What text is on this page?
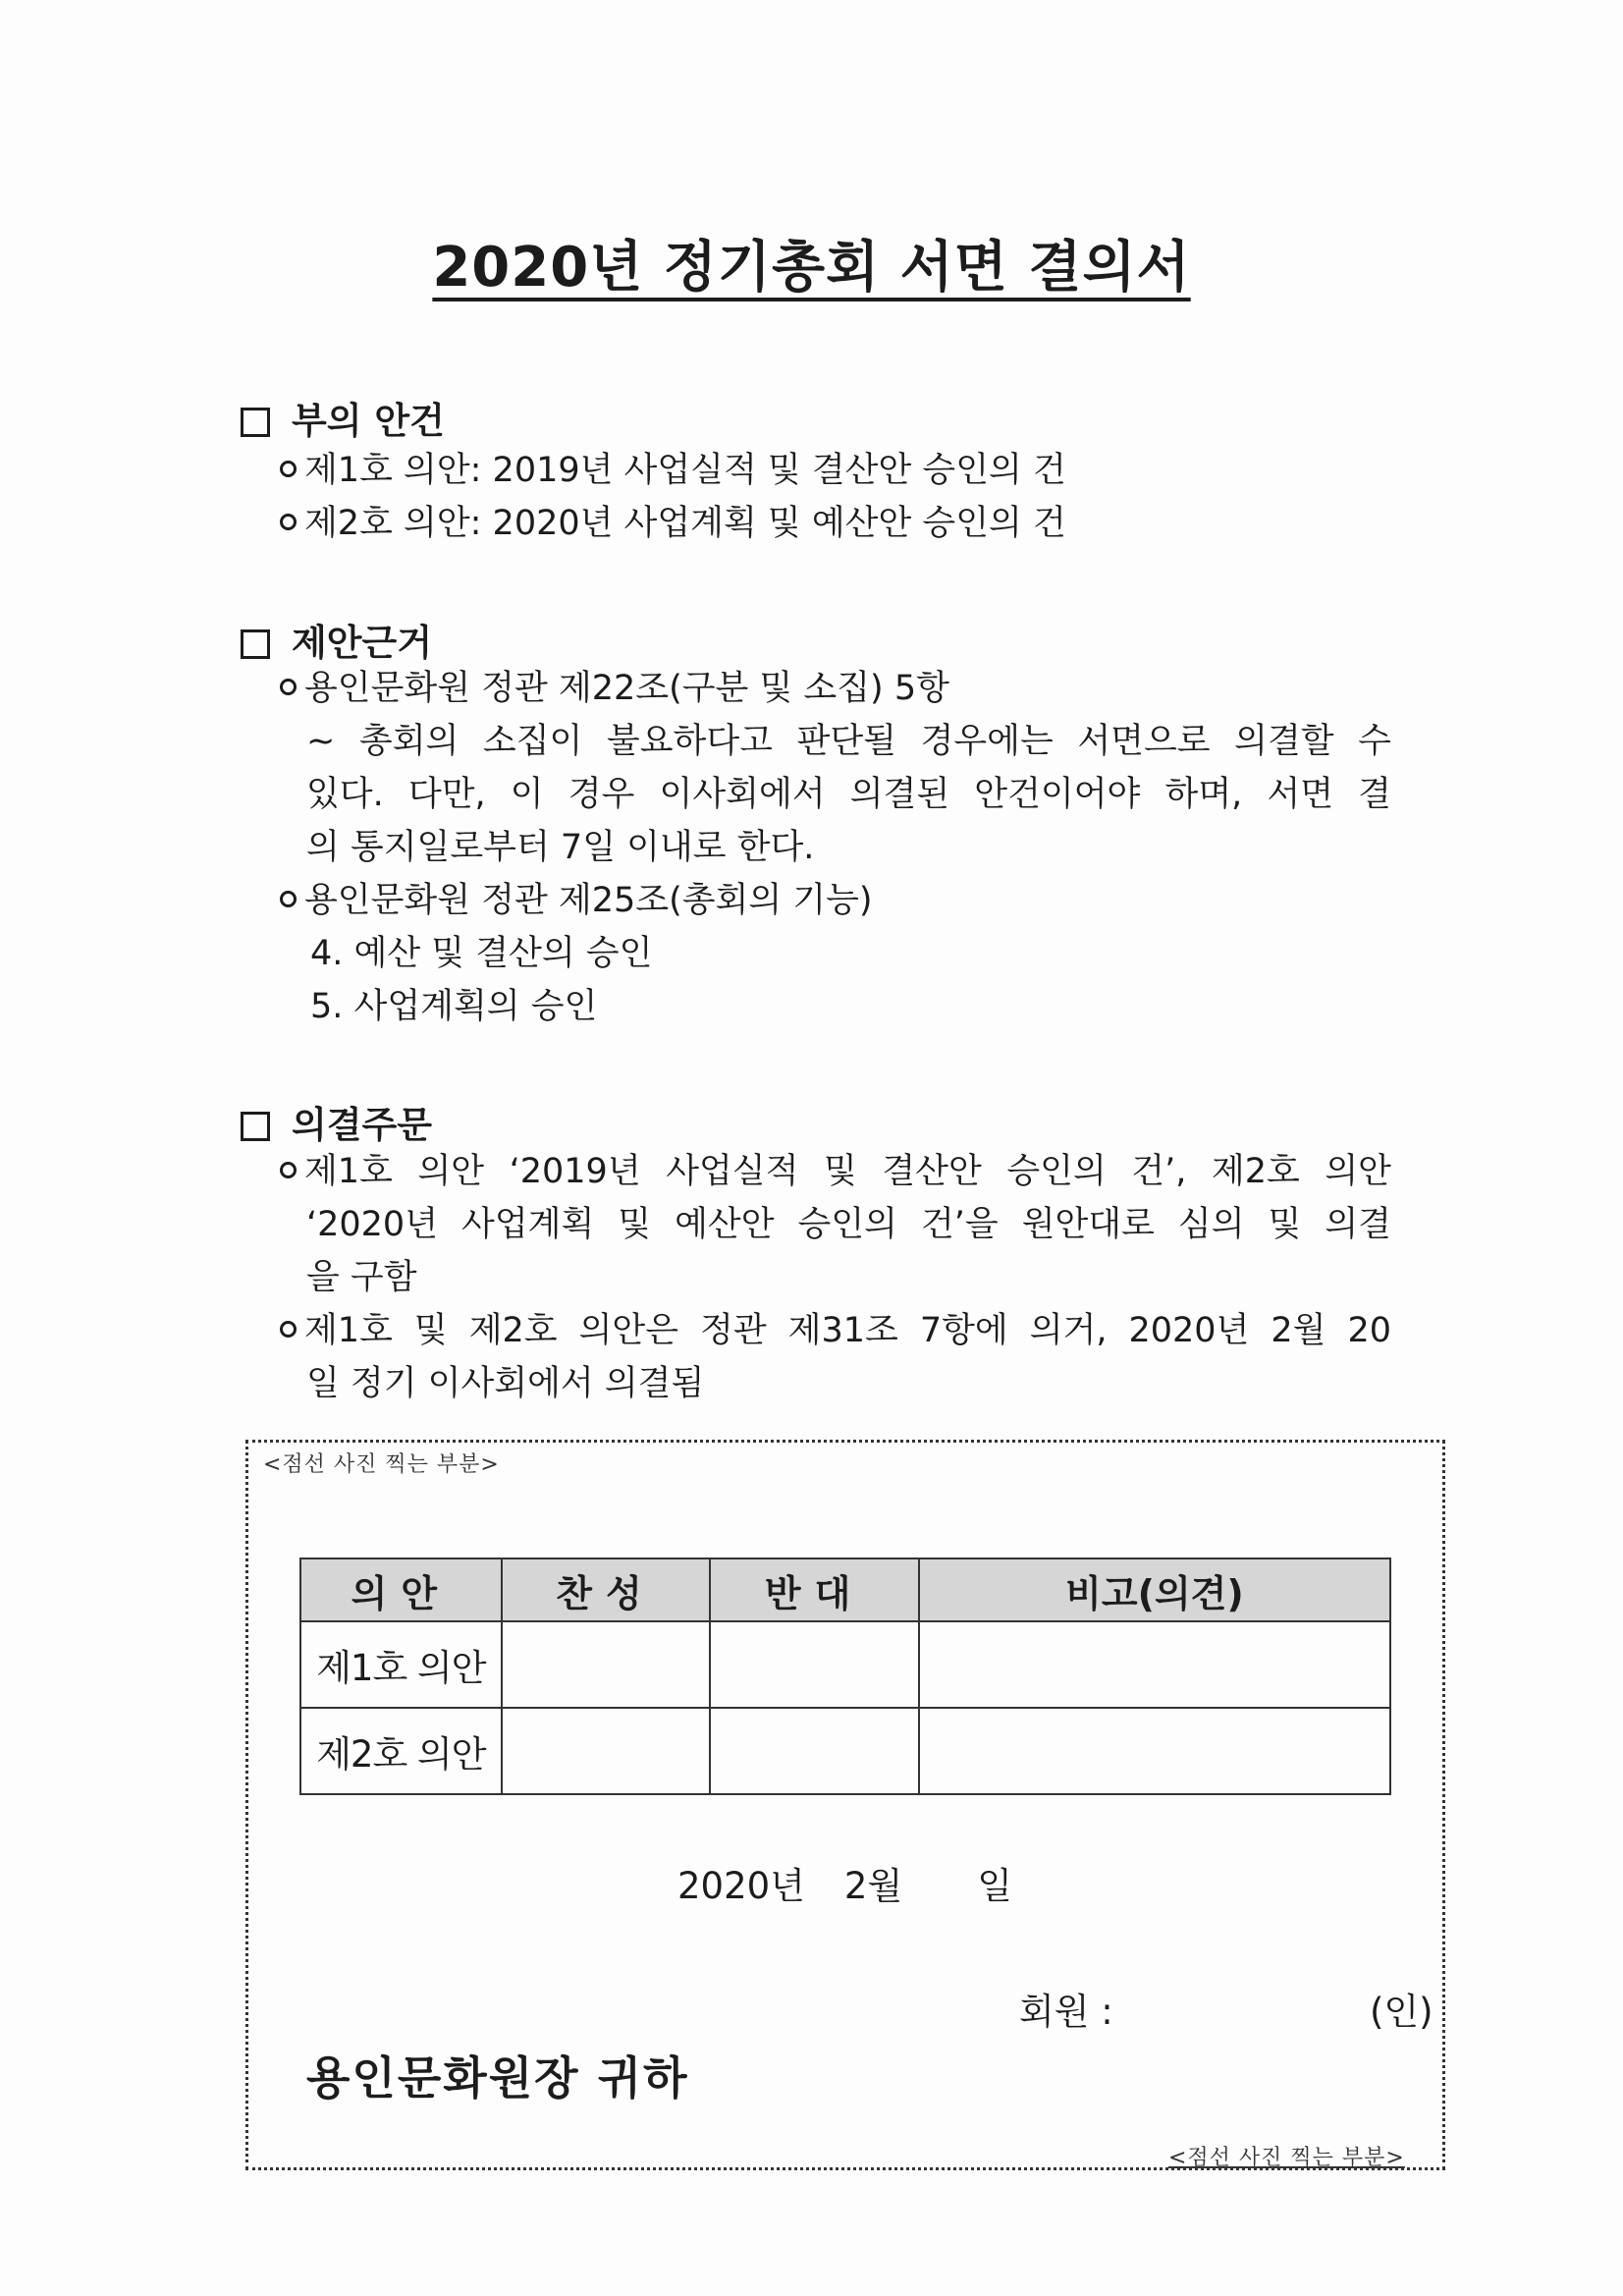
2020년 정기총회 서면 결의서
부의 안건
제1호 의안: 2019년 사업실적 및 결산안 승인의 건
제2호 의안: 2020년 사업계획 및 예산안 승인의 건
제안근거
용인문화원 정관 제22조(구분 및 소집) 5항
~ 총회의 소집이 불요하다고 판단될 경우에는 서면으로 의결할 수
있다. 다만, 이 경우 이사회에서 의결된 안건이어야 하며, 서면 결
의 통지일로부터 7일 이내로 한다.
용인문화원 정관 제25조(총회의 기능)
4. 예산 및 결산의 승인
5. 사업계획의 승인
의결주문
제1호 의안 ‘2019년 사업실적 및 결산안 승인의 건’, 제2호 의안
‘2020년 사업계획 및 예산안 승인의 건’을 원안대로 심의 및 의결
을 구함
제1호 및 제2호 의안은 정관 제31조 7항에 의거, 2020년 2월 20
일 정기 이사회에서 의결됨
<점선 사진 찍는 부분>
<점선 사진 찍는 부분>
의안	찬성	반대	비고(의견)
제1호 의안			
제2호 의안			
2020년 2월 일
회원 :	(인)
용인문화원장 귀하
